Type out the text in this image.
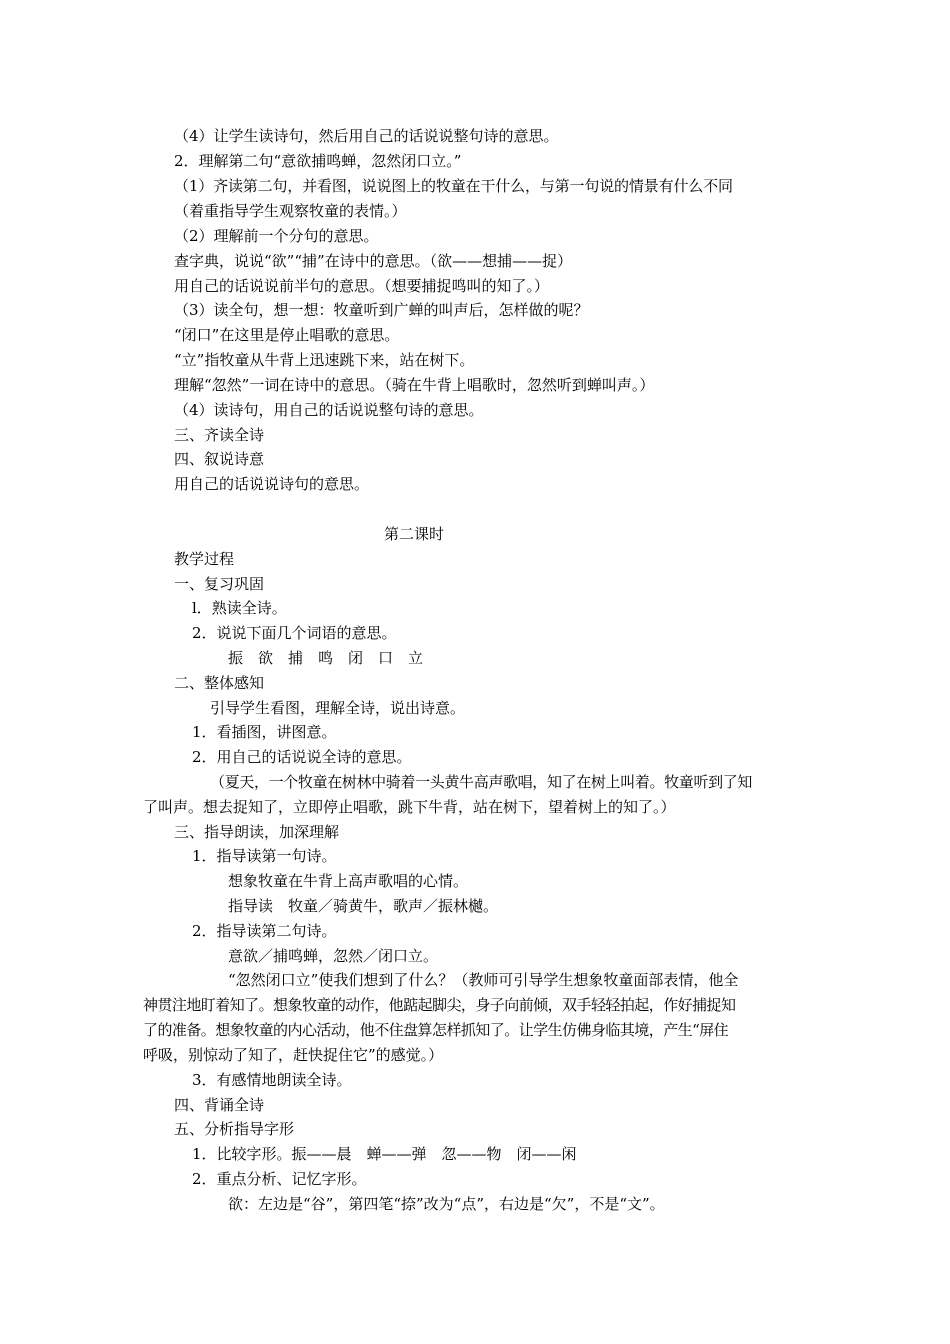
（4）让学生读诗句，然后用自己的话说说整句诗的意思。
2．理解第二句“意欲捕鸣蝉，忽然闭口立。”
（1）齐读第二句，并看图，说说图上的牧童在干什么，与第一句说的情景有什么不同
（着重指导学生观察牧童的表情。）
（2）理解前一个分句的意思。
查字典，说说“欲”“捕”在诗中的意思。（欲——想捕——捉）
用自己的话说说前半句的意思。（想要捕捉鸣叫的知了。）
（3）读全句，想一想：牧童听到广蝉的叫声后，怎样做的呢？
“闭口”在这里是停止唱歌的意思。
“立”指牧童从牛背上迅速跳下来，站在树下。
理解“忽然”一词在诗中的意思。（骑在牛背上唱歌时，忽然听到蝉叫声。）
（4）读诗句，用自己的话说说整句诗的意思。
三、齐读全诗
四、叙说诗意
用自己的话说说诗句的意思。
第二课时
教学过程
一、复习巩固
l．熟读全诗。
2．说说下面几个词语的意思。
振　欲　捕　鸣　闭　口　立
二、整体感知
引导学生看图，理解全诗，说出诗意。
1．看插图，讲图意。
2．用自己的话说说全诗的意思。
（夏天，一个牧童在树林中骑着一头黄牛高声歌唱，知了在树上叫着。牧童听到了知
了叫声。想去捉知了，立即停止唱歌，跳下牛背，站在树下，望着树上的知了。）
三、指导朗读，加深理解
1．指导读第一句诗。
想象牧童在牛背上高声歌唱的心情。
指导读　牧童／骑黄牛，歌声／振林樾。
2．指导读第二句诗。
意欲／捕鸣蝉，忽然／闭口立。
“忽然闭口立”使我们想到了什么？（教师可引导学生想象牧童面部表情，他全
神贯注地盯着知了。想象牧童的动作，他踮起脚尖，身子向前倾，双手轻轻拍起，作好捕捉知
了的准备。想象牧童的内心活动，他不住盘算怎样抓知了。让学生仿佛身临其境，产生“屏住
呼吸，别惊动了知了，赶快捉住它”的感觉。）
3．有感情地朗读全诗。
四、背诵全诗
五、分析指导字形
1．比较字形。振——晨　蝉——弹　忽——物　闭——闲
2．重点分析、记忆字形。
欲：左边是“谷”，第四笔“捺”改为“点”，右边是“欠”，不是“文”。
